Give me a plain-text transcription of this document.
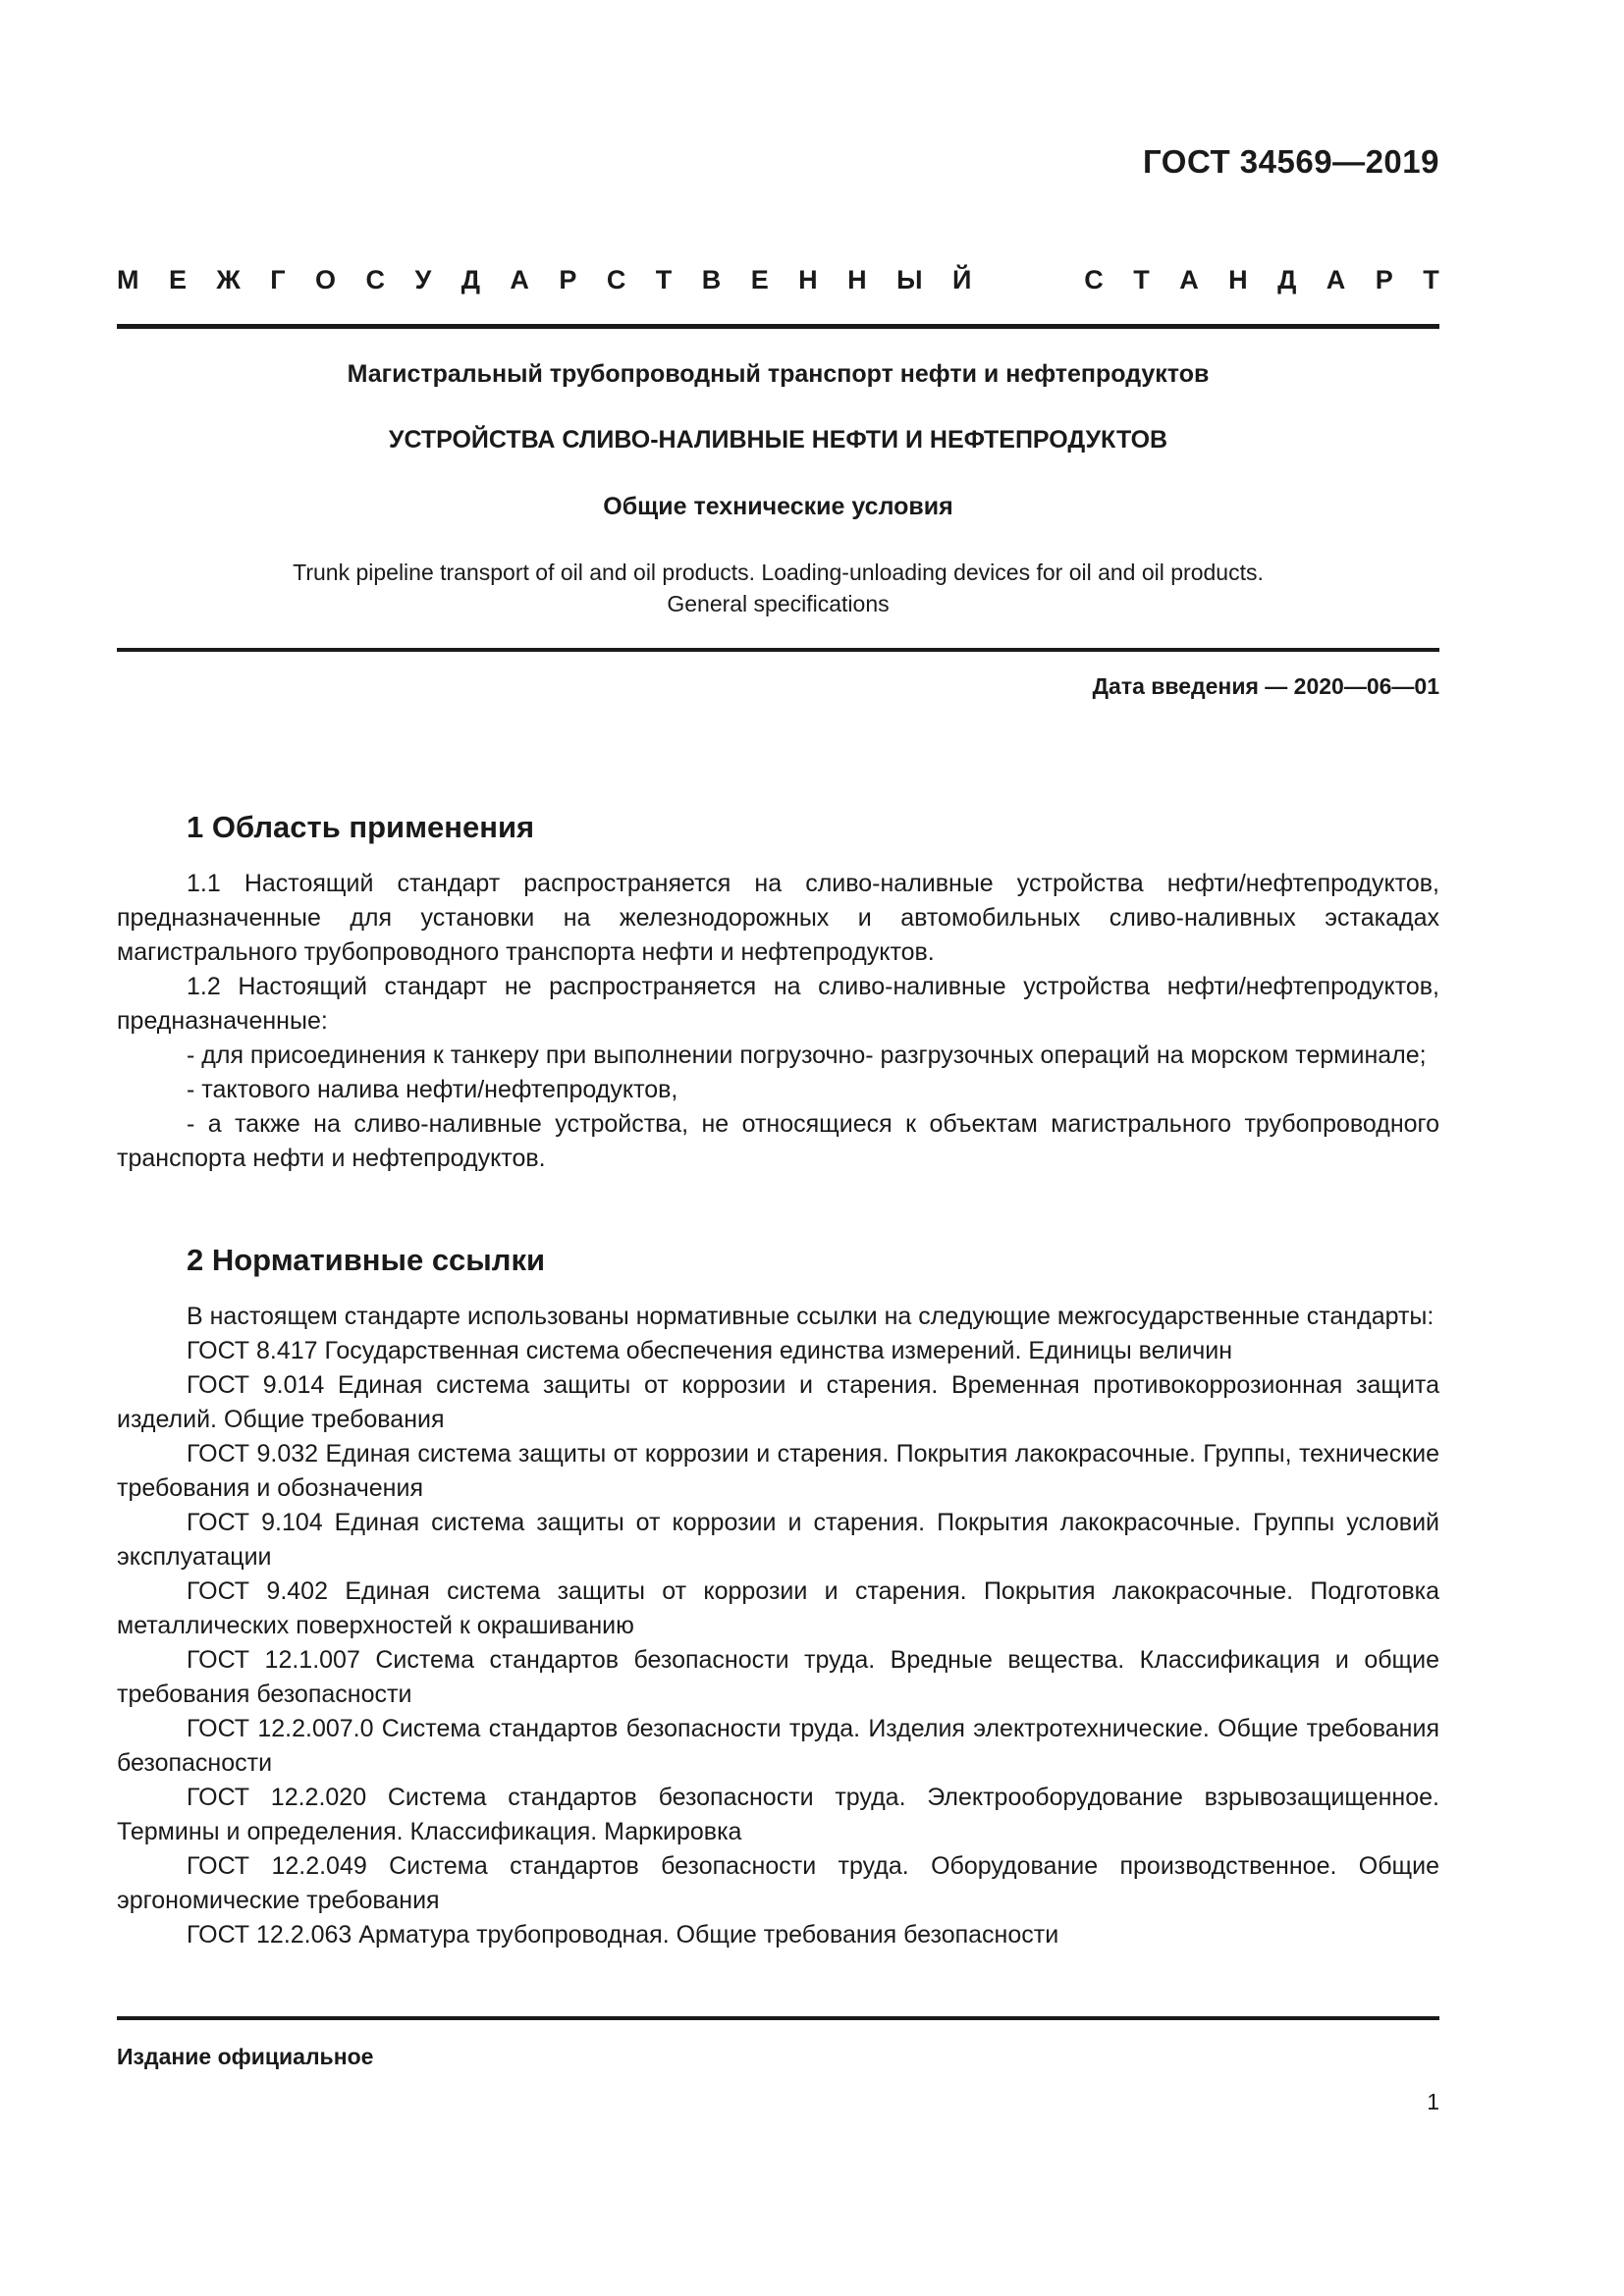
ГОСТ 34569—2019
М Е Ж Г О С У Д А Р С Т В Е Н Н Ы Й	С Т А Н Д А Р Т
Магистральный трубопроводный транспорт нефти и нефтепродуктов
УСТРОЙСТВА СЛИВО-НАЛИВНЫЕ НЕФТИ И НЕФТЕПРОДУКТОВ
Общие технические условия
Trunk pipeline transport of oil and oil products. Loading-unloading devices for oil and oil products.
General specifications
Дата введения — 2020—06—01
1 Область применения

1.1 Настоящий стандарт распространяется на сливо-наливные устройства нефти/нефтепродуктов, предназначенные для установки на железнодорожных и автомобильных сливо-наливных эстакадах магистрального трубопроводного транспорта нефти и нефтепродуктов.

1.2 Настоящий стандарт не распространяется на сливо-наливные устройства нефти/нефтепродуктов, предназначенные:

- для присоединения к танкеру при выполнении погрузочно- разгрузочных операций на морском терминале;

- тактового налива нефти/нефтепродуктов,

- а также на сливо-наливные устройства, не относящиеся к объектам магистрального трубопроводного транспорта нефти и нефтепродуктов.

2 Нормативные ссылки

В настоящем стандарте использованы нормативные ссылки на следующие межгосударственные стандарты:

ГОСТ 8.417 Государственная система обеспечения единства измерений. Единицы величин

ГОСТ 9.014 Единая система защиты от коррозии и старения. Временная противокоррозионная защита изделий. Общие требования

ГОСТ 9.032 Единая система защиты от коррозии и старения. Покрытия лакокрасочные. Группы, технические требования и обозначения

ГОСТ 9.104 Единая система защиты от коррозии и старения. Покрытия лакокрасочные. Группы условий эксплуатации

ГОСТ 9.402 Единая система защиты от коррозии и старения. Покрытия лакокрасочные. Подготовка металлических поверхностей к окрашиванию

ГОСТ 12.1.007 Система стандартов безопасности труда. Вредные вещества. Классификация и общие требования безопасности

ГОСТ 12.2.007.0 Система стандартов безопасности труда. Изделия электротехнические. Общие требования безопасности

ГОСТ 12.2.020 Система стандартов безопасности труда. Электрооборудование взрывозащищенное. Термины и определения. Классификация. Маркировка

ГОСТ 12.2.049 Система стандартов безопасности труда. Оборудование производственное. Общие эргономические требования

ГОСТ 12.2.063 Арматура трубопроводная. Общие требования безопасности

Издание официальное
1
